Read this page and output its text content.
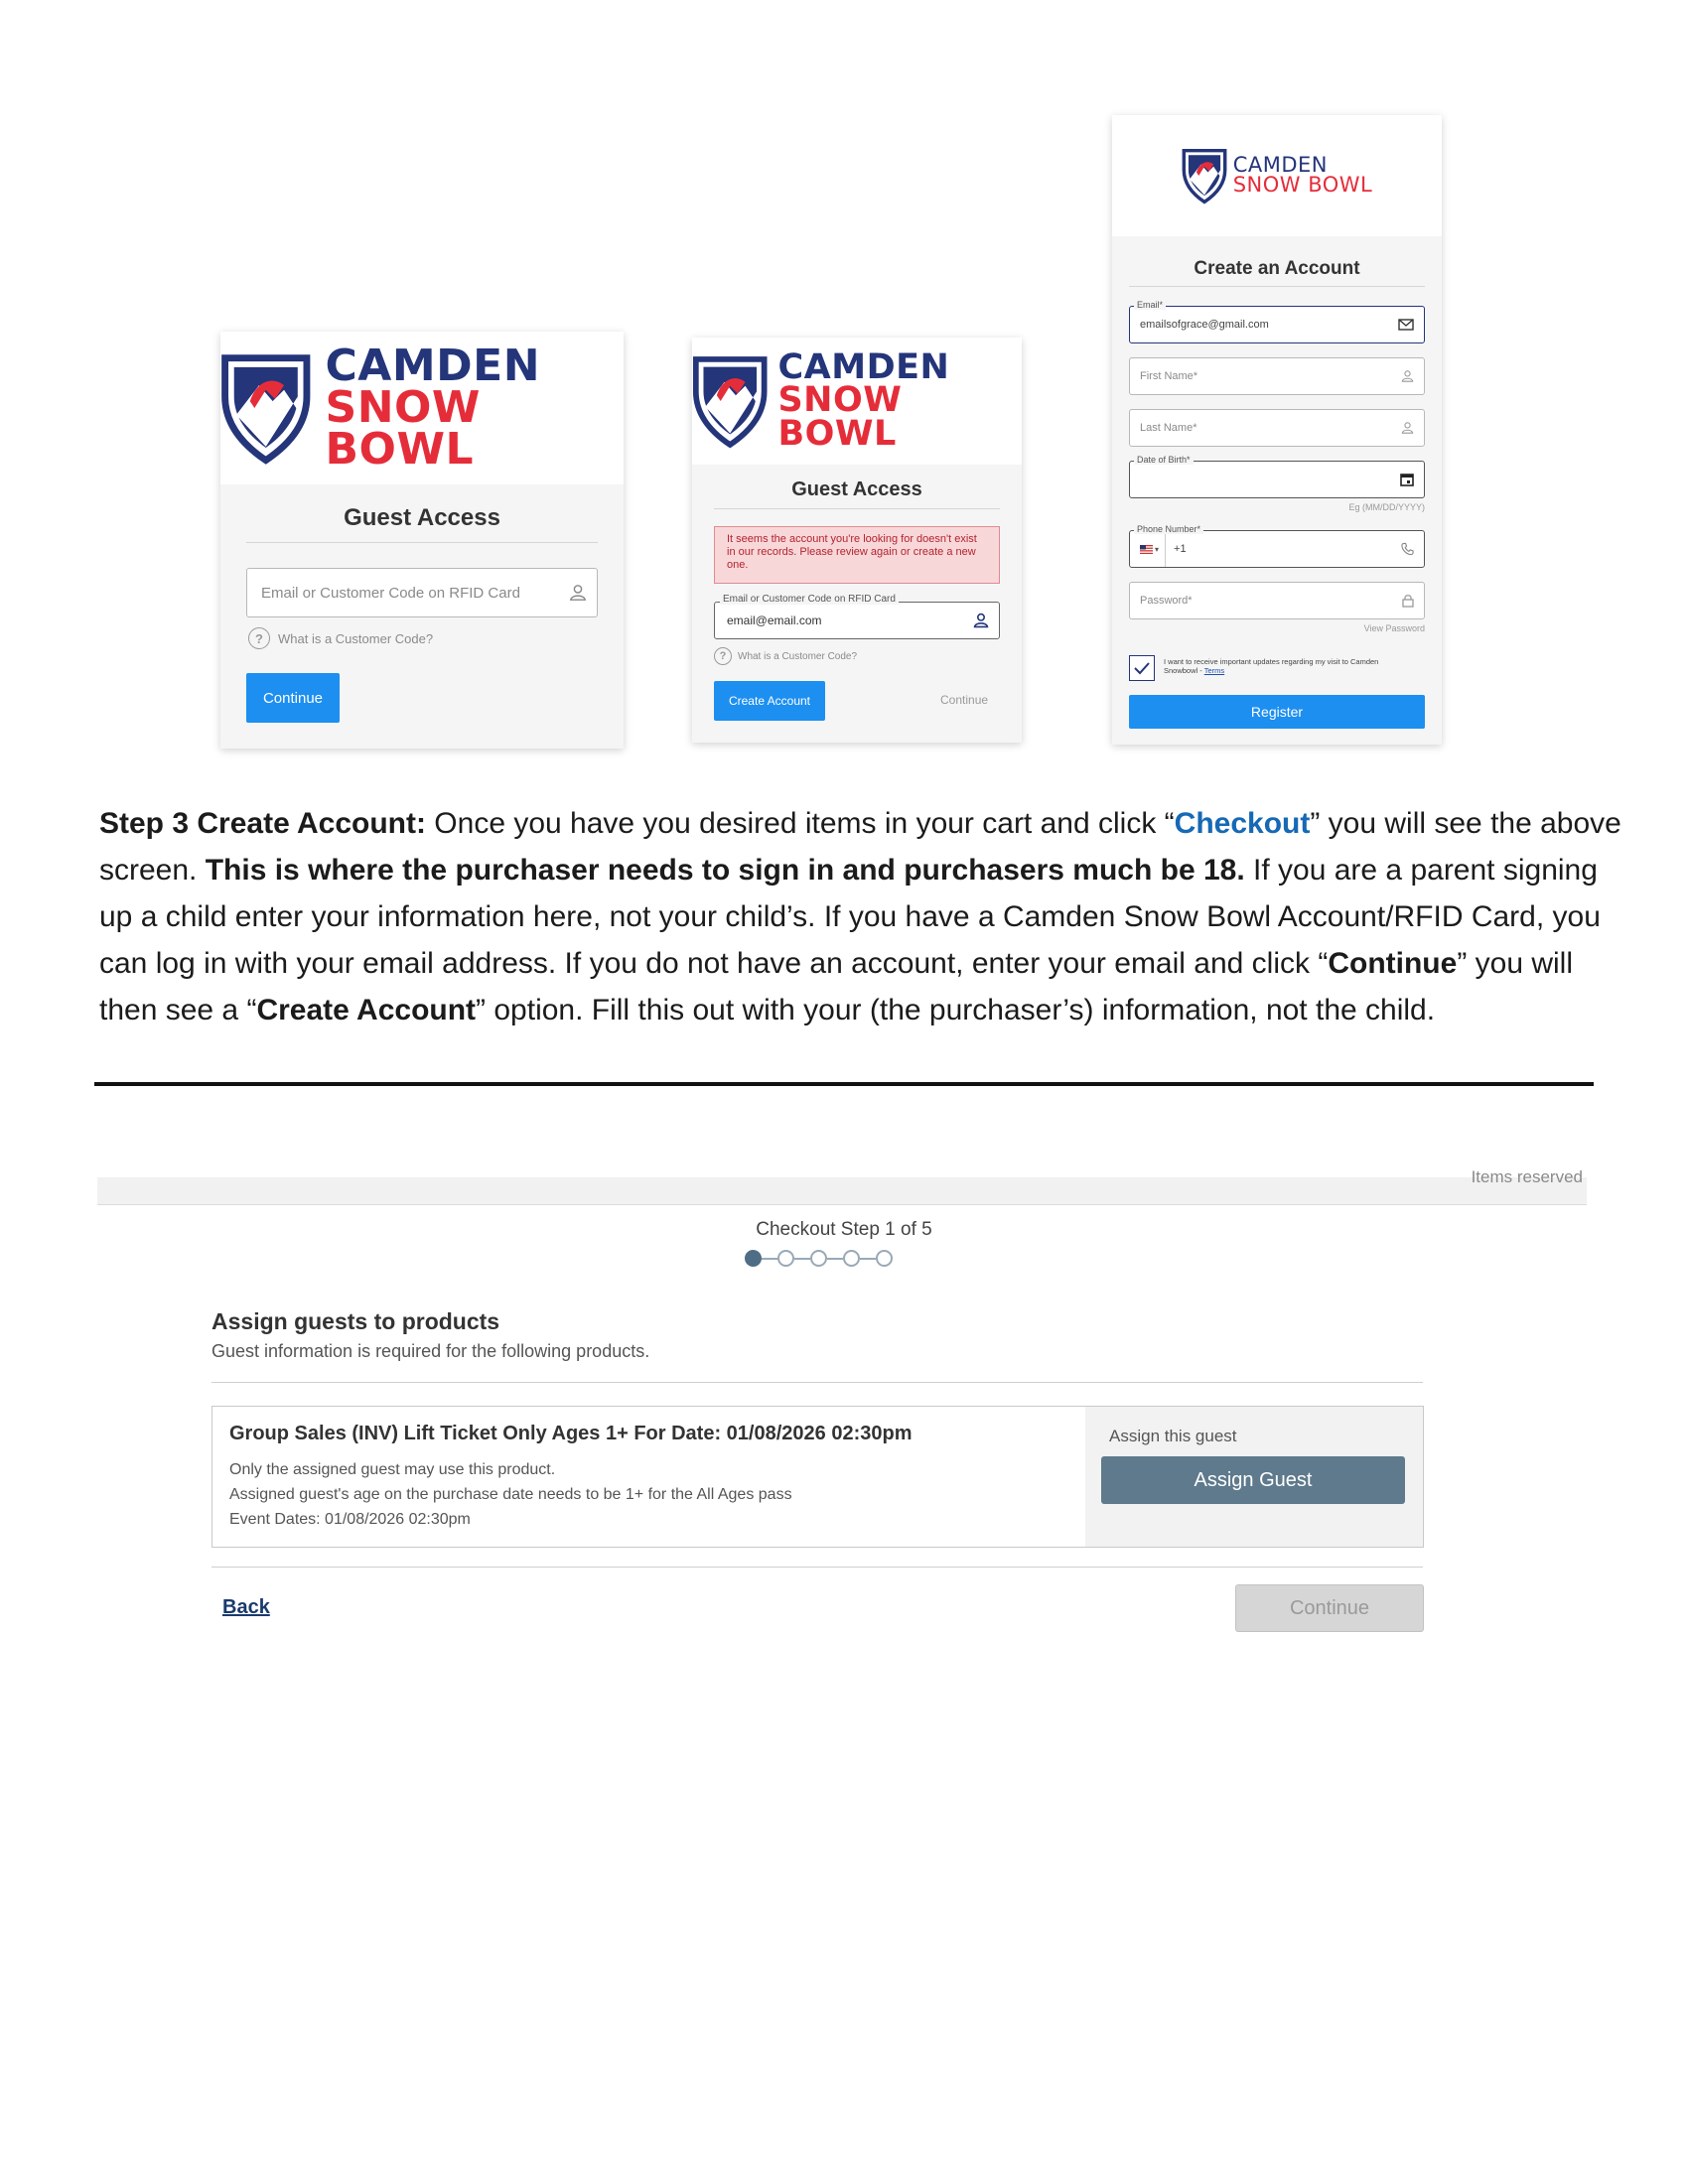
CAMDEN
SNOW BOWL
Guest Access
Email or Customer Code on RFID Card
?	What is a Customer Code?
Continue
CAMDEN
SNOW BOWL
Guest Access
It seems the account you're looking for doesn't exist in our records. Please review again or create a new one.
email@email.com
Email or Customer Code on RFID Card
?	What is a Customer Code?
Create Account	Continue
CAMDEN
SNOW BOWL
Create an Account
emailsofgrace@gmail.com
Email*
First Name*
Last Name*
Date of Birth*
Eg (MM/DD/YYYY)
▾ +1
Phone Number*
Password*
View Password
I want to receive important updates regarding my visit to Camden Snowbowl - Terms
Register
Step 3 Create Account: Once you have you desired items in your cart and click “Checkout” you will see the above screen. This is where the purchaser needs to sign in and purchasers much be 18. If you are a parent signing up a child enter your information here, not your child’s. If you have a Camden Snow Bowl Account/RFID Card, you can log in with your email address. If you do not have an account, enter your email and click “Continue” you will then see a “Create Account” option. Fill this out with your (the purchaser’s) information, not the child.
Items reserved
Checkout Step 1 of 5
Assign guests to products
Guest information is required for the following products.
Group Sales (INV) Lift Ticket Only Ages 1+ For Date: 01/08/2026 02:30pm
Only the assigned guest may use this product.
Assigned guest's age on the purchase date needs to be 1+ for the All Ages pass
Event Dates: 01/08/2026 02:30pm
Assign this guest
Assign Guest
Back	Continue
